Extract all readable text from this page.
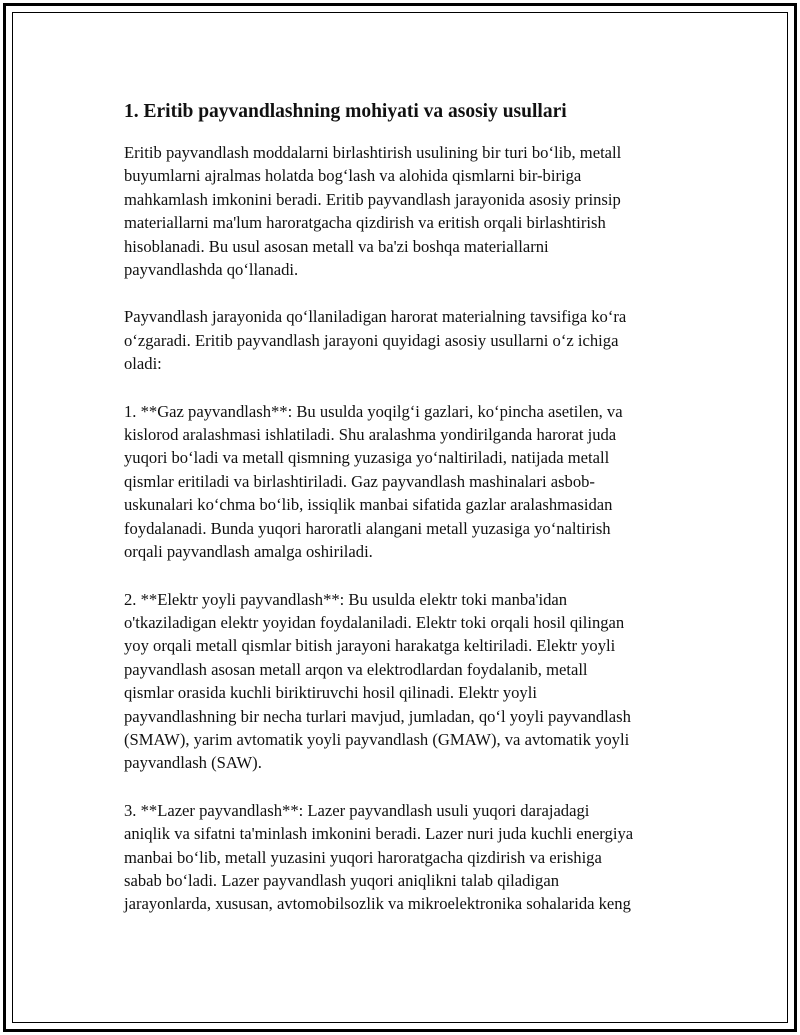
1. Eritib payvandlashning mohiyati va asosiy usullari

Eritib payvandlash moddalarni birlashtirish usulining bir turi bo‘lib, metall
buyumlarni ajralmas holatda bog‘lash va alohida qismlarni bir-biriga
mahkamlash imkonini beradi. Eritib payvandlash jarayonida asosiy prinsip
materiallarni ma'lum haroratgacha qizdirish va eritish orqali birlashtirish
hisoblanadi. Bu usul asosan metall va ba'zi boshqa materiallarni
payvandlashda qo‘llanadi.

Payvandlash jarayonida qo‘llaniladigan harorat materialning tavsifiga ko‘ra
o‘zgaradi. Eritib payvandlash jarayoni quyidagi asosiy usullarni o‘z ichiga
oladi:

1. **Gaz payvandlash**: Bu usulda yoqilg‘i gazlari, ko‘pincha asetilen, va
kislorod aralashmasi ishlatiladi. Shu aralashma yondirilganda harorat juda
yuqori bo‘ladi va metall qismning yuzasiga yo‘naltiriladi, natijada metall
qismlar eritiladi va birlashtiriladi. Gaz payvandlash mashinalari asbob-
uskunalari ko‘chma bo‘lib, issiqlik manbai sifatida gazlar aralashmasidan
foydalanadi. Bunda yuqori haroratli alangani metall yuzasiga yo‘naltirish
orqali payvandlash amalga oshiriladi.

2. **Elektr yoyli payvandlash**: Bu usulda elektr toki manba'idan
o'tkaziladigan elektr yoyidan foydalaniladi. Elektr toki orqali hosil qilingan
yoy orqali metall qismlar bitish jarayoni harakatga keltiriladi. Elektr yoyli
payvandlash asosan metall arqon va elektrodlardan foydalanib, metall
qismlar orasida kuchli biriktiruvchi hosil qilinadi. Elektr yoyli
payvandlashning bir necha turlari mavjud, jumladan, qo‘l yoyli payvandlash
(SMAW), yarim avtomatik yoyli payvandlash (GMAW), va avtomatik yoyli
payvandlash (SAW).

3. **Lazer payvandlash**: Lazer payvandlash usuli yuqori darajadagi
aniqlik va sifatni ta'minlash imkonini beradi. Lazer nuri juda kuchli energiya
manbai bo‘lib, metall yuzasini yuqori haroratgacha qizdirish va erishiga
sabab bo‘ladi. Lazer payvandlash yuqori aniqlikni talab qiladigan
jarayonlarda, xususan, avtomobilsozlik va mikroelektronika sohalarida keng
